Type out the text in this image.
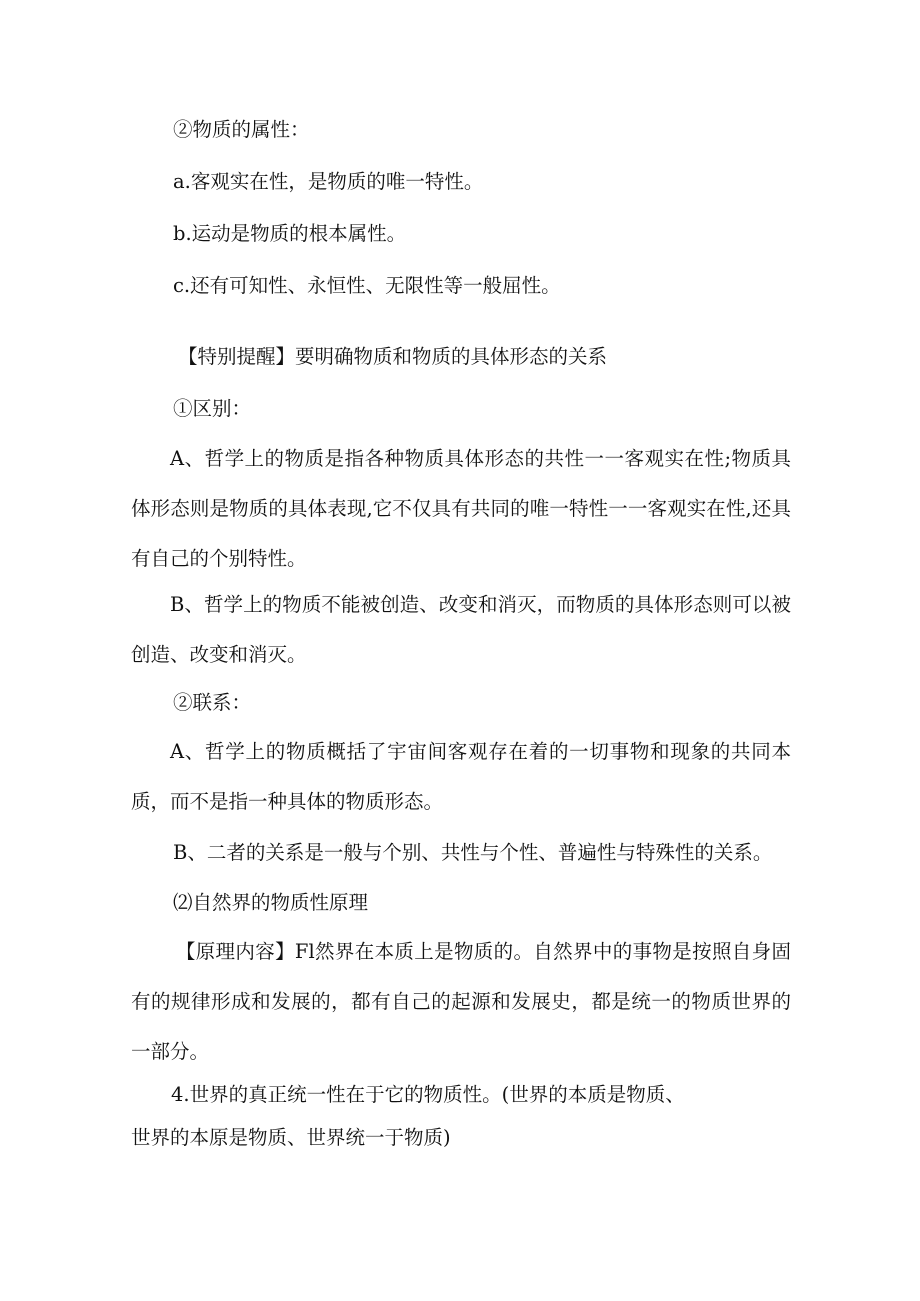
②物质的属性：

a.客观实在性，是物质的唯一特性。

b.运动是物质的根本属性。

c.还有可知性、永恒性、无限性等一般屈性。

【特别提醒】要明确物质和物质的具体形态的关系

①区别：

A、哲学上的物质是指各种物质具体形态的共性一一客观实在性;物质具体形态则是物质的具体表现,它不仅具有共同的唯一特性一一客观实在性,还具有自己的个别特性。

B、哲学上的物质不能被创造、改变和消灭，而物质的具体形态则可以被创造、改变和消灭。

②联系：

A、哲学上的物质概括了宇宙间客观存在着的一切事物和现象的共同本质，而不是指一种具体的物质形态。

B、二者的关系是一般与个别、共性与个性、普遍性与特殊性的关系。

⑵自然界的物质性原理

【原理内容】Fl然界在本质上是物质的。自然界中的事物是按照自身固有的规律形成和发展的，都有自己的起源和发展史，都是统一的物质世界的一部分。

4.世界的真正统一性在于它的物质性。(世界的本质是物质、

世界的本原是物质、世界统一于物质)
